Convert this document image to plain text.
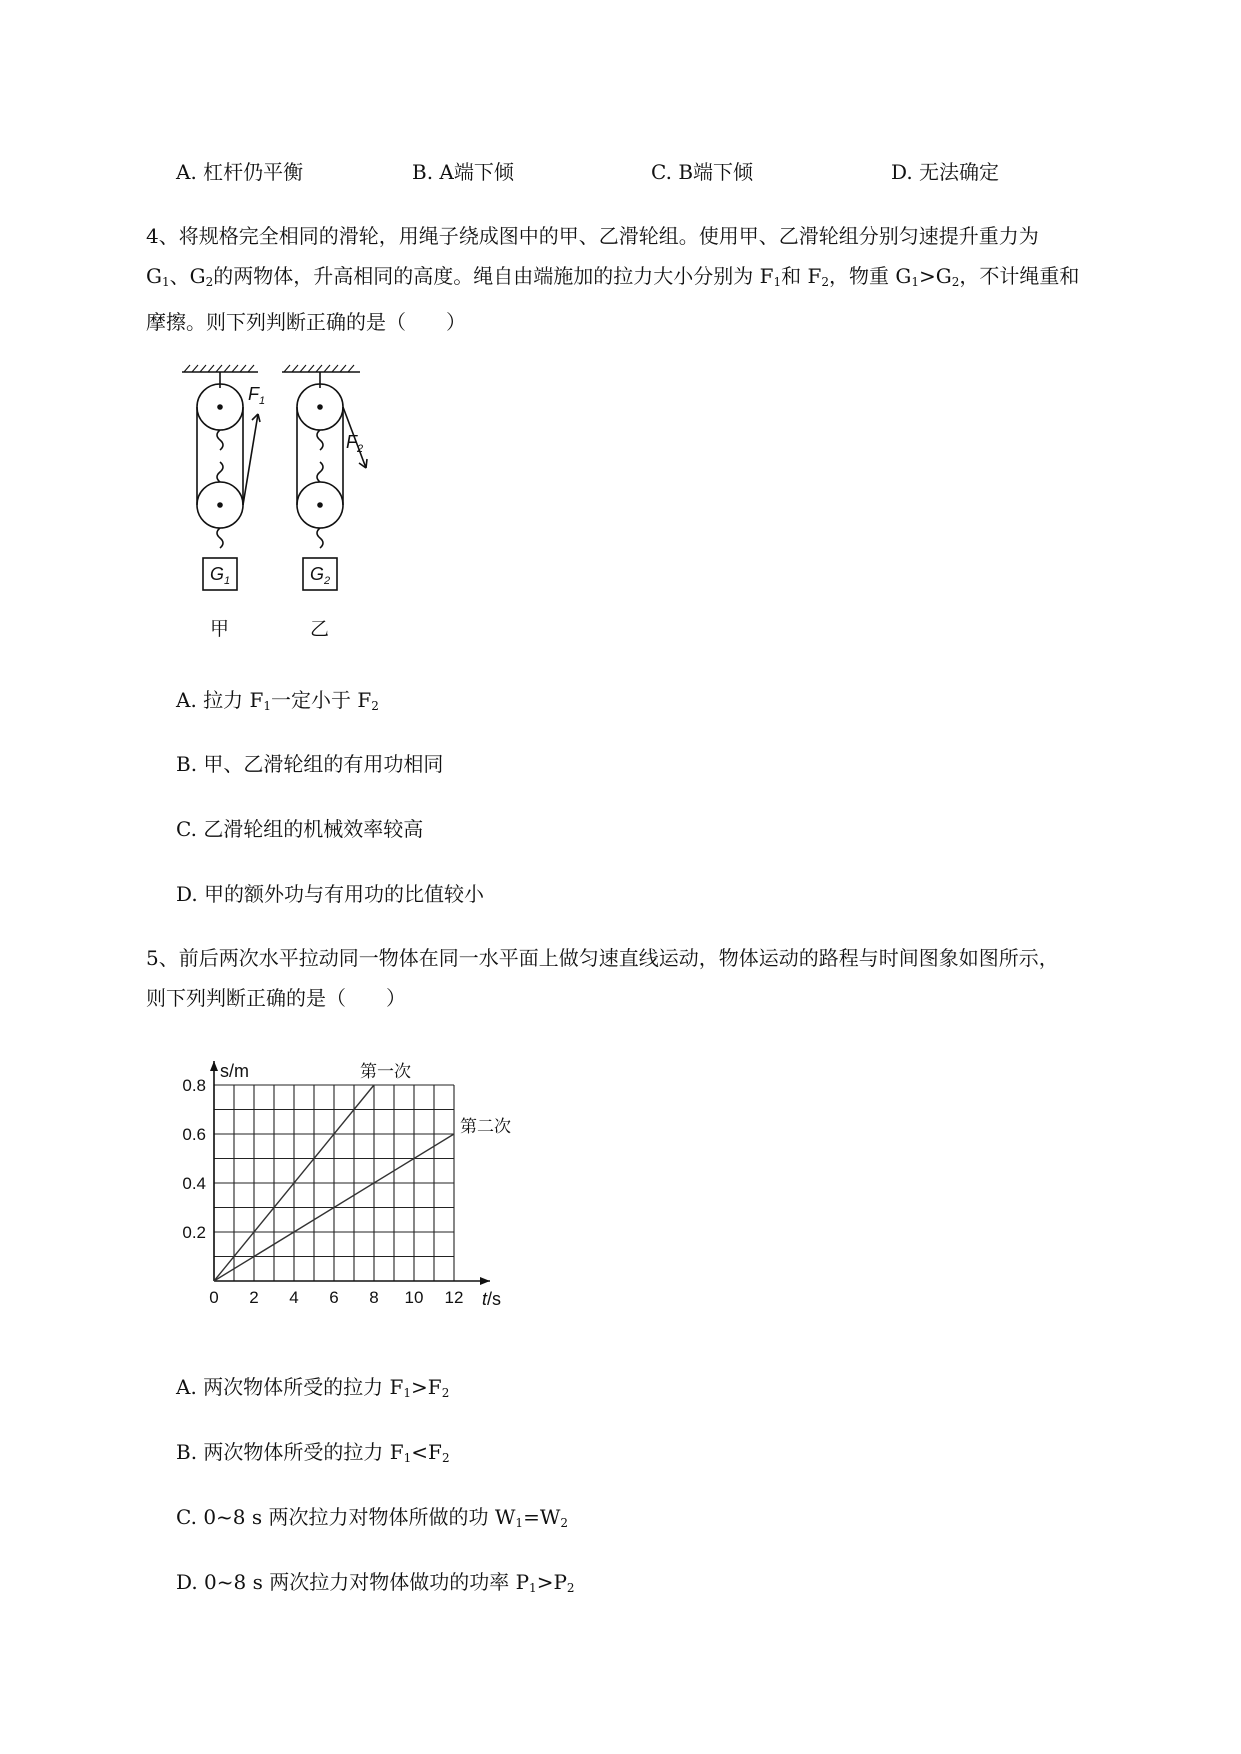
A. 杠杆仍平衡	B. A端下倾	C. B端下倾	D. 无法确定
4、将规格完全相同的滑轮，用绳子绕成图中的甲、乙滑轮组。使用甲、乙滑轮组分别匀速提升重力为
$G_1$、$G_2$的两物体，升高相同的高度。绳自由端施加的拉力大小分别为 $F_1$和 $F_2$，物重 $G_1>G_2$，不计绳重和
摩擦。则下列判断正确的是（　　）
$F_1$
$F_2$
$G_1$	$G_2$
甲	乙
A. 拉力 $F_1$一定小于 $F_2$
B. 甲、乙滑轮组的有用功相同
C. 乙滑轮组的机械效率较高
D. 甲的额外功与有用功的比值较小
5、前后两次水平拉动同一物体在同一水平面上做匀速直线运动，物体运动的路程与时间图象如图所示，
则下列判断正确的是（　　）
0 2 4 6 8 10 12
0.2
0.4
0.6
0.8
s/m
t/s
第一次
第二次
A. 两次物体所受的拉力 $F_1>F_2$
B. 两次物体所受的拉力 $F_1<F_2$
C. 0~8 s 两次拉力对物体所做的功 $W_1=W_2$
D. 0~8 s 两次拉力对物体做功的功率 $P_1>P_2$
